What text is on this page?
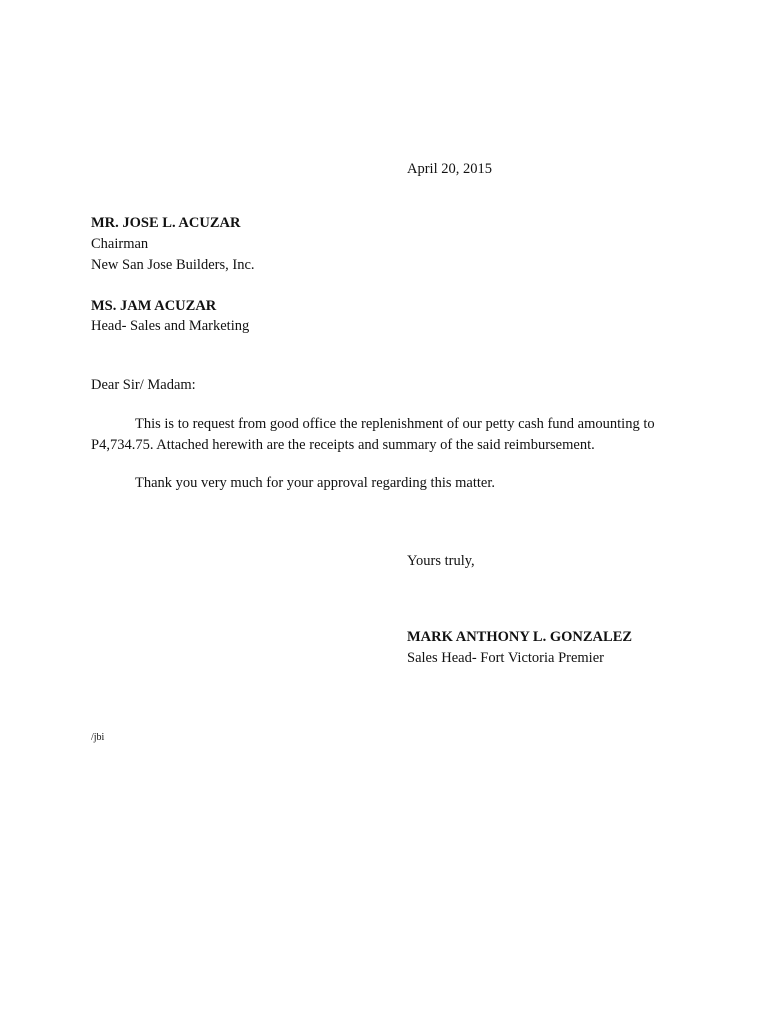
April 20, 2015
MR. JOSE L. ACUZAR
Chairman
New San Jose Builders, Inc.
MS. JAM ACUZAR
Head- Sales and Marketing
Dear Sir/ Madam:
This is to request from good office the replenishment of our petty cash fund amounting to
P4,734.75. Attached herewith are the receipts and summary of the said reimbursement.
Thank you very much for your approval regarding this matter.
Yours truly,
MARK ANTHONY L. GONZALEZ
Sales Head- Fort Victoria Premier
/jbi
